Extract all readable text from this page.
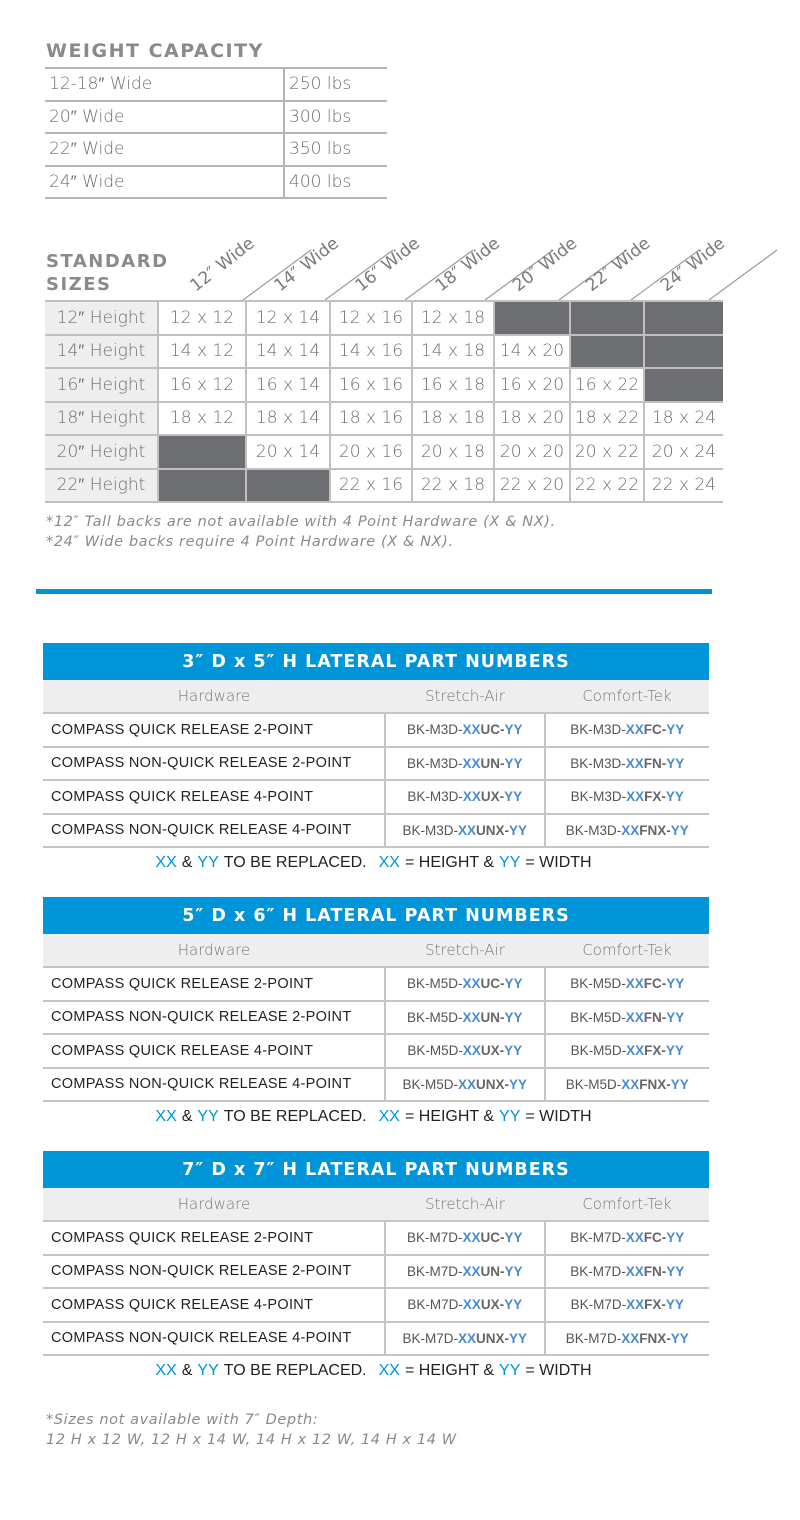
WEIGHT CAPACITY
12-18″ Wide	250 lbs
20″ Wide	300 lbs
22″ Wide	350 lbs
24″ Wide	400 lbs
STANDARD
SIZES	12″ Wide 14″ Wide 16″ Wide 18″ Wide 20″ Wide 22″ Wide 24″ Wide
12″ Height	12 x 12	12 x 14	12 x 16	12 x 18			
14″ Height	14 x 12	14 x 14	14 x 16	14 x 18	14 x 20		
16″ Height	16 x 12	16 x 14	16 x 16	16 x 18	16 x 20	16 x 22	
18″ Height	18 x 12	18 x 14	18 x 16	18 x 18	18 x 20	18 x 22	18 x 24
20″ Height		20 x 14	20 x 16	20 x 18	20 x 20	20 x 22	20 x 24
22″ Height			22 x 16	22 x 18	22 x 20	22 x 22	22 x 24
*12″ Tall backs are not available with 4 Point Hardware (X & NX).
*24″ Wide backs require 4 Point Hardware (X & NX).
3″ D x 5″ H LATERAL PART NUMBERS
Hardware	Stretch-Air	Comfort-Tek
COMPASS QUICK RELEASE 2-POINT	BK-M3D- XX UC - YY	BK-M3D- XX FC - YY
COMPASS NON-QUICK RELEASE 2-POINT	BK-M3D- XX UN - YY	BK-M3D- XX FN - YY
COMPASS QUICK RELEASE 4-POINT	BK-M3D- XX UX - YY	BK-M3D- XX FX - YY
COMPASS NON-QUICK RELEASE 4-POINT	BK-M3D- XX UNX - YY	BK-M3D- XX FNX - YY
XX & YY TO BE REPLACED. XX = HEIGHT & YY = WIDTH
5″ D x 6″ H LATERAL PART NUMBERS
Hardware	Stretch-Air	Comfort-Tek
COMPASS QUICK RELEASE 2-POINT	BK-M5D- XX UC - YY	BK-M5D- XX FC - YY
COMPASS NON-QUICK RELEASE 2-POINT	BK-M5D- XX UN - YY	BK-M5D- XX FN - YY
COMPASS QUICK RELEASE 4-POINT	BK-M5D- XX UX - YY	BK-M5D- XX FX - YY
COMPASS NON-QUICK RELEASE 4-POINT	BK-M5D- XX UNX - YY	BK-M5D- XX FNX - YY
XX & YY TO BE REPLACED. XX = HEIGHT & YY = WIDTH
7″ D x 7″ H LATERAL PART NUMBERS
Hardware	Stretch-Air	Comfort-Tek
COMPASS QUICK RELEASE 2-POINT	BK-M7D- XX UC - YY	BK-M7D- XX FC - YY
COMPASS NON-QUICK RELEASE 2-POINT	BK-M7D- XX UN - YY	BK-M7D- XX FN - YY
COMPASS QUICK RELEASE 4-POINT	BK-M7D- XX UX - YY	BK-M7D- XX FX - YY
COMPASS NON-QUICK RELEASE 4-POINT	BK-M7D- XX UNX - YY	BK-M7D- XX FNX - YY
XX & YY TO BE REPLACED. XX = HEIGHT & YY = WIDTH
*Sizes not available with 7″ Depth:
12 H x 12 W, 12 H x 14 W, 14 H x 12 W, 14 H x 14 W
